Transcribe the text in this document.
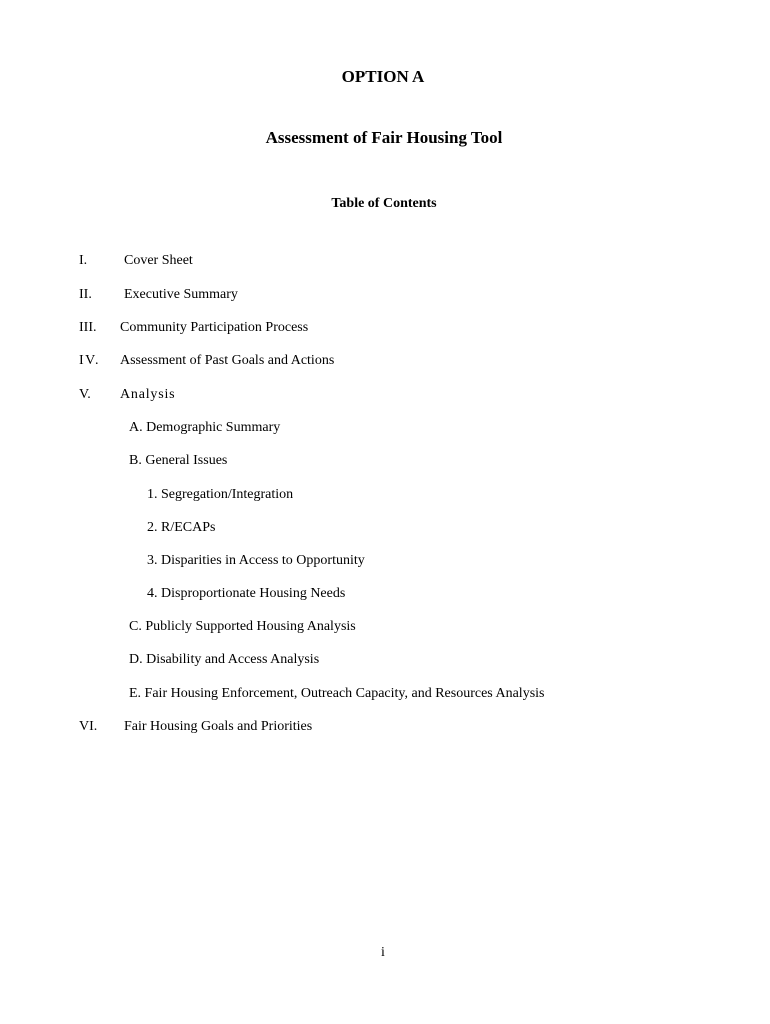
OPTION A
Assessment of Fair Housing Tool
Table of Contents
I.	Cover Sheet
II. Executive Summary
III. Community Participation Process
IV. Assessment of Past Goals and Actions
V. Analysis
A. Demographic Summary
B. General Issues
1. Segregation/Integration
2. R/ECAPs
3. Disparities in Access to Opportunity
4. Disproportionate Housing Needs
C. Publicly Supported Housing Analysis
D. Disability and Access Analysis
E. Fair Housing Enforcement, Outreach Capacity, and Resources Analysis
VI. Fair Housing Goals and Priorities
i
